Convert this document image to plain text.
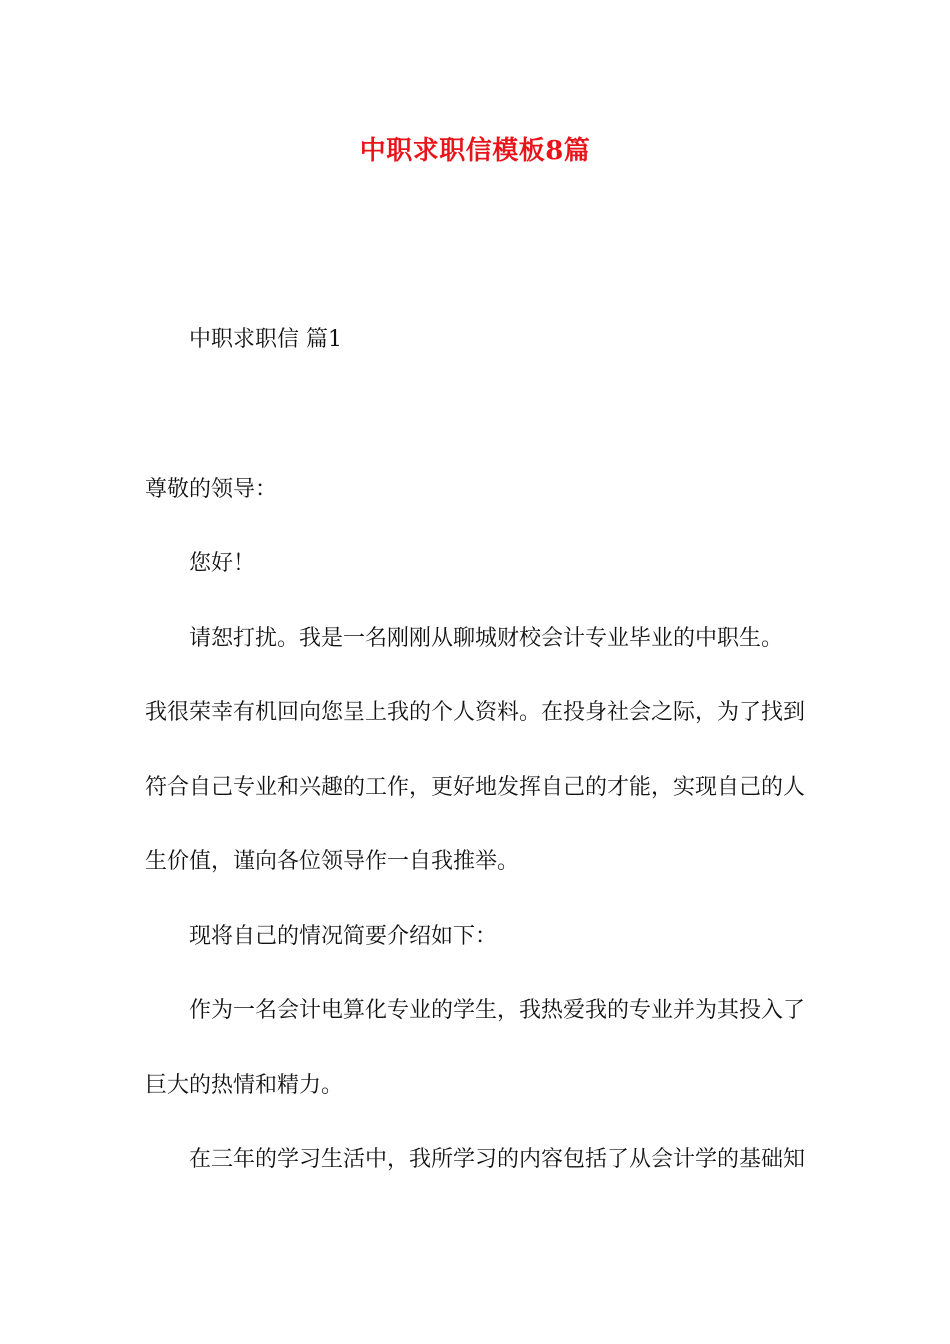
中职求职信模板8篇
中职求职信 篇1
尊敬的领导：
您好！
请恕打扰。我是一名刚刚从聊城财校会计专业毕业的中职生。
我很荣幸有机回向您呈上我的个人资料。在投身社会之际，为了找到
符合自己专业和兴趣的工作，更好地发挥自己的才能，实现自己的人
生价值，谨向各位领导作一自我推举。
现将自己的情况简要介绍如下：
作为一名会计电算化专业的学生，我热爱我的专业并为其投入了
巨大的热情和精力。
在三年的学习生活中，我所学习的内容包括了从会计学的基础知
